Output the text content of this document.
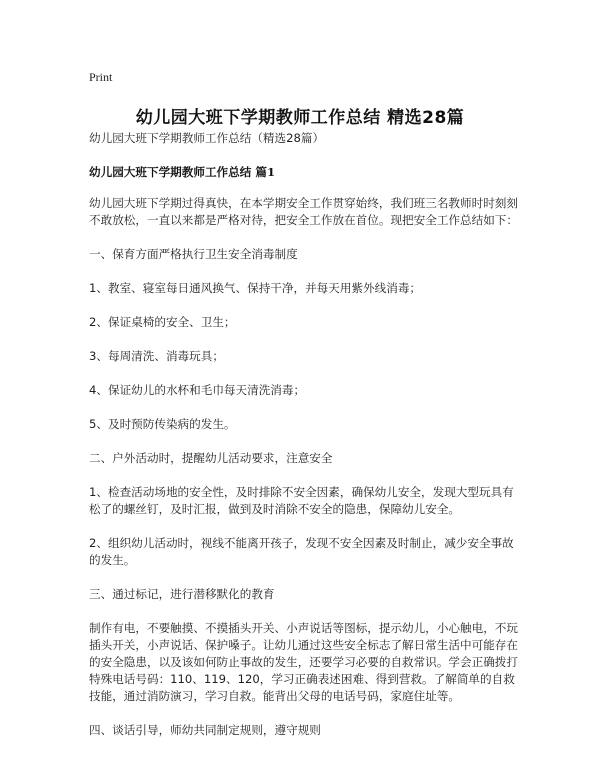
Print
幼儿园大班下学期教师工作总结 精选28篇

幼儿园大班下学期教师工作总结（精选28篇）

幼儿园大班下学期教师工作总结 篇1

幼儿园大班下学期过得真快，在本学期安全工作贯穿始终，我们班三名教师时时刻刻不敢放松，一直以来都是严格对待，把安全工作放在首位。现把安全工作总结如下：

一、保育方面严格执行卫生安全消毒制度

1、教室、寝室每日通风换气、保持干净，并每天用紫外线消毒；

2、保证桌椅的安全、卫生；

3、每周清洗、消毒玩具；

4、保证幼儿的水杯和毛巾每天清洗消毒；

5、及时预防传染病的发生。

二、户外活动时，提醒幼儿活动要求，注意安全

1、检查活动场地的安全性，及时排除不安全因素，确保幼儿安全，发现大型玩具有松了的螺丝钉，及时汇报，做到及时消除不安全的隐患，保障幼儿安全。

2、组织幼儿活动时，视线不能离开孩子，发现不安全因素及时制止，减少安全事故的发生。

三、通过标记，进行潜移默化的教育

制作有电，不要触摸、不摸插头开关、小声说话等图标，提示幼儿，小心触电，不玩插头开关，小声说话、保护嗓子。让幼儿通过这些安全标志了解日常生活中可能存在的安全隐患，以及该如何防止事故的发生，还要学习必要的自救常识。学会正确拨打特殊电话号码：110、119、120，学习正确表述困难、得到营救。了解简单的自救技能，通过消防演习，学习自救。能背出父母的电话号码，家庭住址等。

四、谈话引导，师幼共同制定规则，遵守规则
